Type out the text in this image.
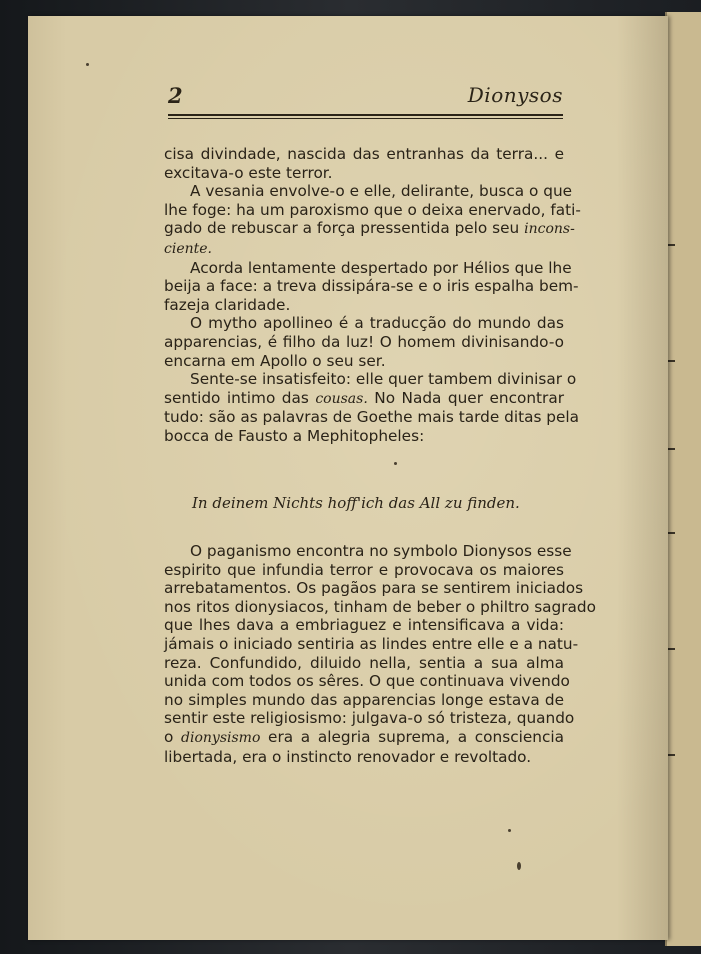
2	Dionysos
cisa divindade, nascida das entranhas da terra... e
excitava-o este terror.
A vesania envolve-o e elle, delirante, busca o que
lhe foge: ha um paroxismo que o deixa enervado, fati-
gado de rebuscar a força pressentida pelo seu incons-
ciente.
Acorda lentamente despertado por Hélios que lhe
beija a face: a treva dissipára-se e o iris espalha bem-
fazeja claridade.
O mytho apollineo é a traducção do mundo das
apparencias, é filho da luz! O homem divinisando-o
encarna em Apollo o seu ser.
Sente-se insatisfeito: elle quer tambem divinisar o
sentido intimo das cousas. No Nada quer encontrar
tudo: são as palavras de Goethe mais tarde ditas pela
bocca de Fausto a Mephitopheles:
In deinem Nichts hoff'ich das All zu finden.
O paganismo encontra no symbolo Dionysos esse
espirito que infundia terror e provocava os maiores
arrebatamentos. Os pagãos para se sentirem iniciados
nos ritos dionysiacos, tinham de beber o philtro sagrado
que lhes dava a embriaguez e intensificava a vida:
jámais o iniciado sentiria as lindes entre elle e a natu-
reza. Confundido, diluido nella, sentia a sua alma
unida com todos os sêres. O que continuava vivendo
no simples mundo das apparencias longe estava de
sentir este religiosismo: julgava-o só tristeza, quando
o dionysismo era a alegria suprema, a consciencia
libertada, era o instincto renovador e revoltado.
